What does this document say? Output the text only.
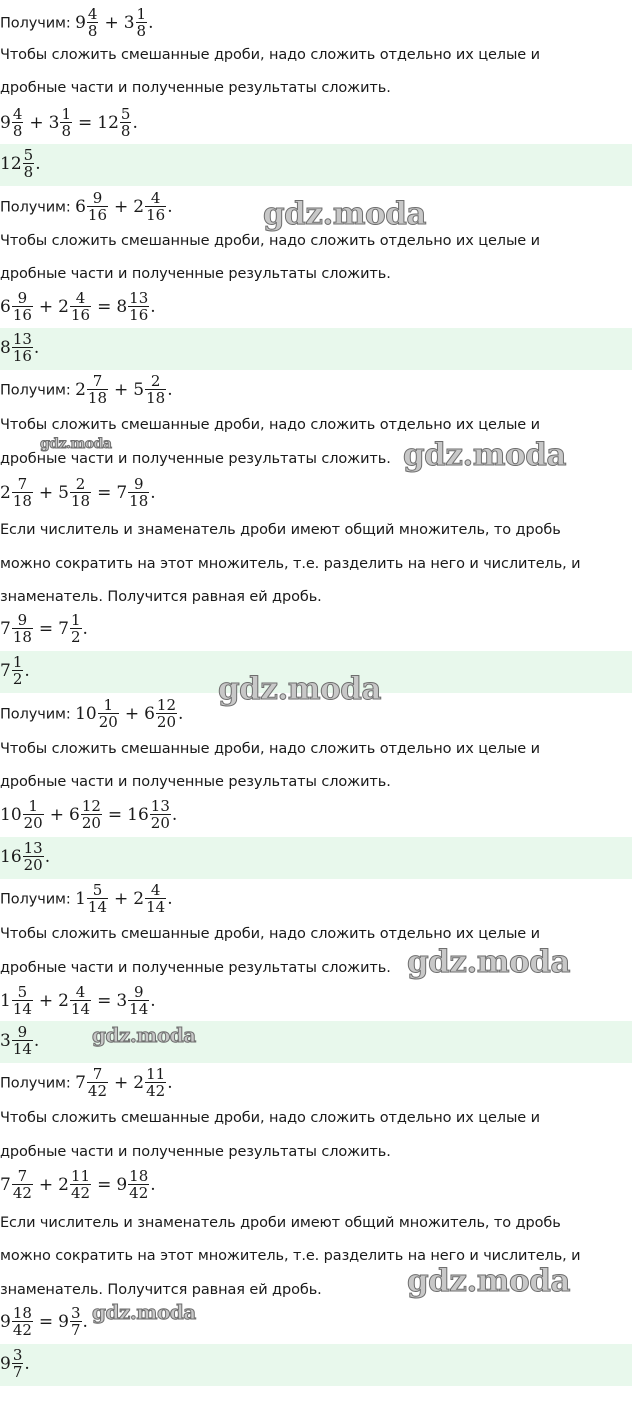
Получим: $9 \frac{4}{8} + 3 \frac{1}{8}$ .
Чтобы сложить смешанные дроби, надо сложить отдельно их целые и
дробные части и полученные результаты сложить.
$9 \frac{4}{8} + 3 \frac{1}{8} = 12 \frac{5}{8}$ .
$12 \frac{5}{8}$ .
Получим: $6 \frac{9}{16} + 2 \frac{4}{16}$ .
Чтобы сложить смешанные дроби, надо сложить отдельно их целые и
дробные части и полученные результаты сложить.
$6 \frac{9}{16} + 2 \frac{4}{16} = 8 \frac{13}{16}$ .
$8 \frac{13}{16}$ .
Получим: $2 \frac{7}{18} + 5 \frac{2}{18}$ .
Чтобы сложить смешанные дроби, надо сложить отдельно их целые и
дробные части и полученные результаты сложить.
$2 \frac{7}{18} + 5 \frac{2}{18} = 7 \frac{9}{18}$ .
Если числитель и знаменатель дроби имеют общий множитель, то дробь
можно сократить на этот множитель, т.е. разделить на него и числитель, и
знаменатель. Получится равная ей дробь.
$7 \frac{9}{18} = 7 \frac{1}{2}$ .
$7 \frac{1}{2}$ .
Получим: $10 \frac{1}{20} + 6 \frac{12}{20}$ .
Чтобы сложить смешанные дроби, надо сложить отдельно их целые и
дробные части и полученные результаты сложить.
$10 \frac{1}{20} + 6 \frac{12}{20} = 16 \frac{13}{20}$ .
$16 \frac{13}{20}$ .
Получим: $1 \frac{5}{14} + 2 \frac{4}{14}$ .
Чтобы сложить смешанные дроби, надо сложить отдельно их целые и
дробные части и полученные результаты сложить.
$1 \frac{5}{14} + 2 \frac{4}{14} = 3 \frac{9}{14}$ .
$3 \frac{9}{14}$ .
Получим: $7 \frac{7}{42} + 2 \frac{11}{42}$ .
Чтобы сложить смешанные дроби, надо сложить отдельно их целые и
дробные части и полученные результаты сложить.
$7 \frac{7}{42} + 2 \frac{11}{42} = 9 \frac{18}{42}$ .
Если числитель и знаменатель дроби имеют общий множитель, то дробь
можно сократить на этот множитель, т.е. разделить на него и числитель, и
знаменатель. Получится равная ей дробь.
$9 \frac{18}{42} = 9 \frac{3}{7}$ .
$9 \frac{3}{7}$ .
gdz.moda
gdz.moda	gdz.moda
gdz.moda
gdz.moda
gdz.moda
gdz.moda
gdz.moda
